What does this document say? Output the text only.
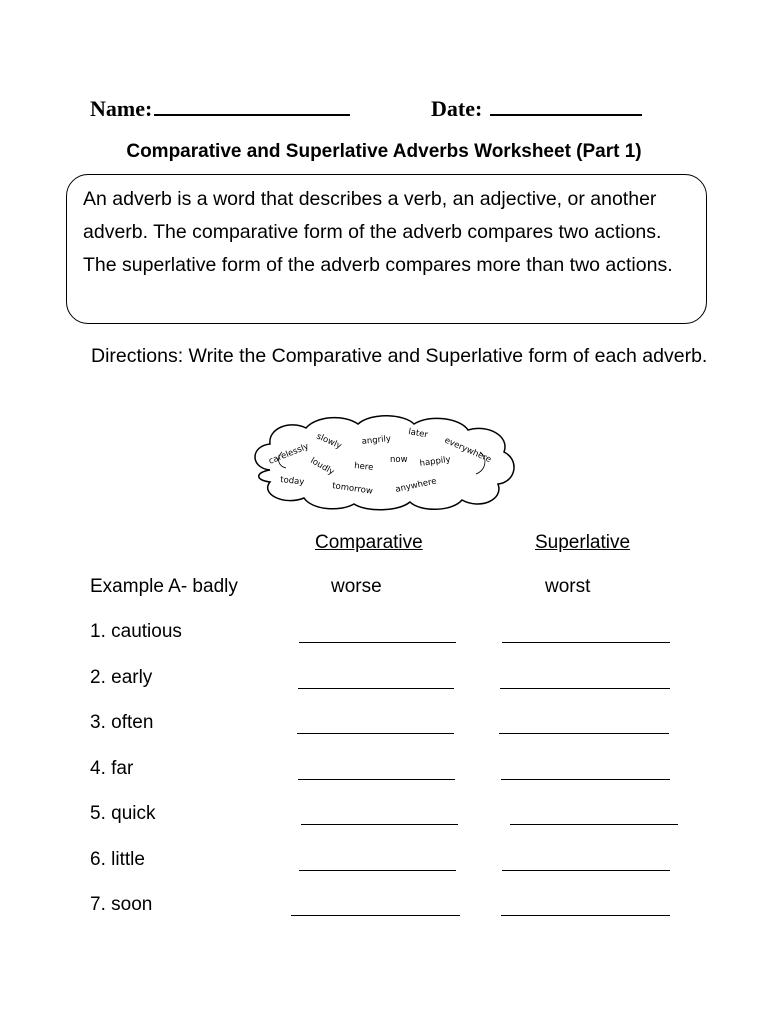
Name:	Date:
Comparative and Superlative Adverbs Worksheet (Part 1)
An adverb is a word that describes a verb, an adjective, or another adverb. The comparative form of the adverb compares two actions. The superlative form of the adverb compares more than two actions.
Directions: Write the Comparative and Superlative form of each adverb.
carelessly
slowly angrily
later
everywhere
loudly here
now happily
today	tomorrow anywhere
Comparative	Superlative
Example A- badly	worse	worst
1. cautious
2. early
3. often
4. far
5. quick
6. little
7. soon
